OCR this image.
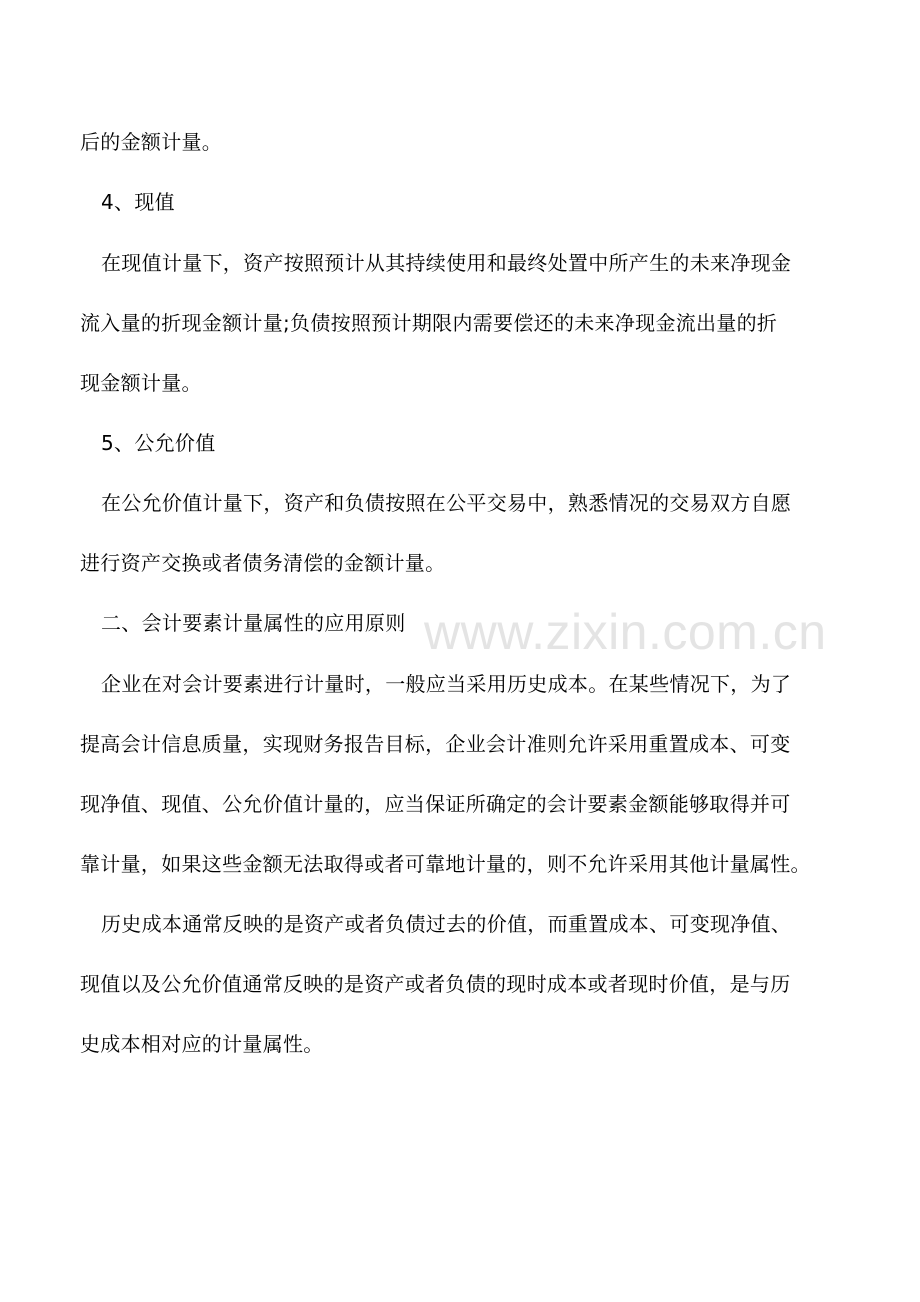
www.zixin.com.cn
后的金额计量。
4、现值
在现值计量下，资产按照预计从其持续使用和最终处置中所产生的未来净现金
流入量的折现金额计量;负债按照预计期限内需要偿还的未来净现金流出量的折
现金额计量。
5、公允价值
在公允价值计量下，资产和负债按照在公平交易中，熟悉情况的交易双方自愿
进行资产交换或者债务清偿的金额计量。
二、会计要素计量属性的应用原则
企业在对会计要素进行计量时，一般应当采用历史成本。在某些情况下，为了
提高会计信息质量，实现财务报告目标，企业会计准则允许采用重置成本、可变
现净值、现值、公允价值计量的，应当保证所确定的会计要素金额能够取得并可
靠计量，如果这些金额无法取得或者可靠地计量的，则不允许采用其他计量属性。
历史成本通常反映的是资产或者负债过去的价值，而重置成本、可变现净值、
现值以及公允价值通常反映的是资产或者负债的现时成本或者现时价值，是与历
史成本相对应的计量属性。
